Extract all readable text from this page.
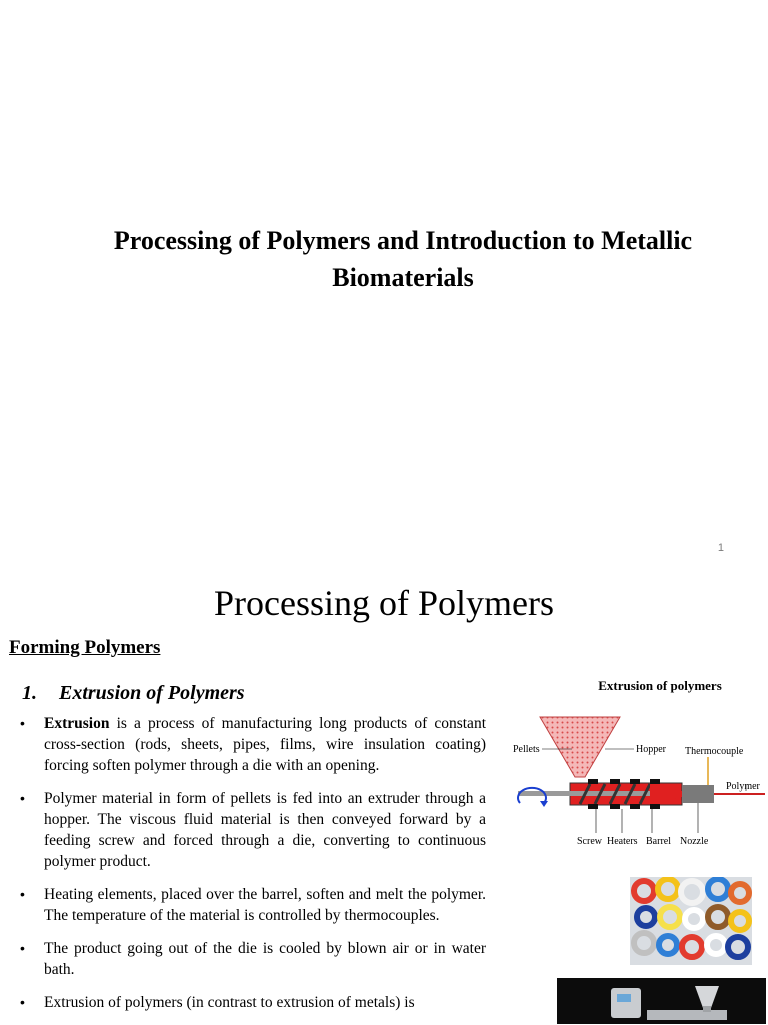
Processing of Polymers and Introduction to Metallic Biomaterials
1
Processing of Polymers
Forming Polymers
1. Extrusion of Polymers
• Extrusion is a process of manufacturing long products of constant cross-section (rods, sheets, pipes, films, wire insulation coating) forcing soften polymer through a die with an opening.
• Polymer material in form of pellets is fed into an extruder through a hopper. The viscous fluid material is then conveyed forward by a feeding screw and forced through a die, converting to continuous polymer product.
• Heating elements, placed over the barrel, soften and melt the polymer. The temperature of the material is controlled by thermocouples.
• The product going out of the die is cooled by blown air or in water bath.
• Extrusion of polymers (in contrast to extrusion of metals) is
Extrusion of polymers
Pellets	Hopper Thermocouple
Polymer
Screw Heaters Barrel Nozzle
